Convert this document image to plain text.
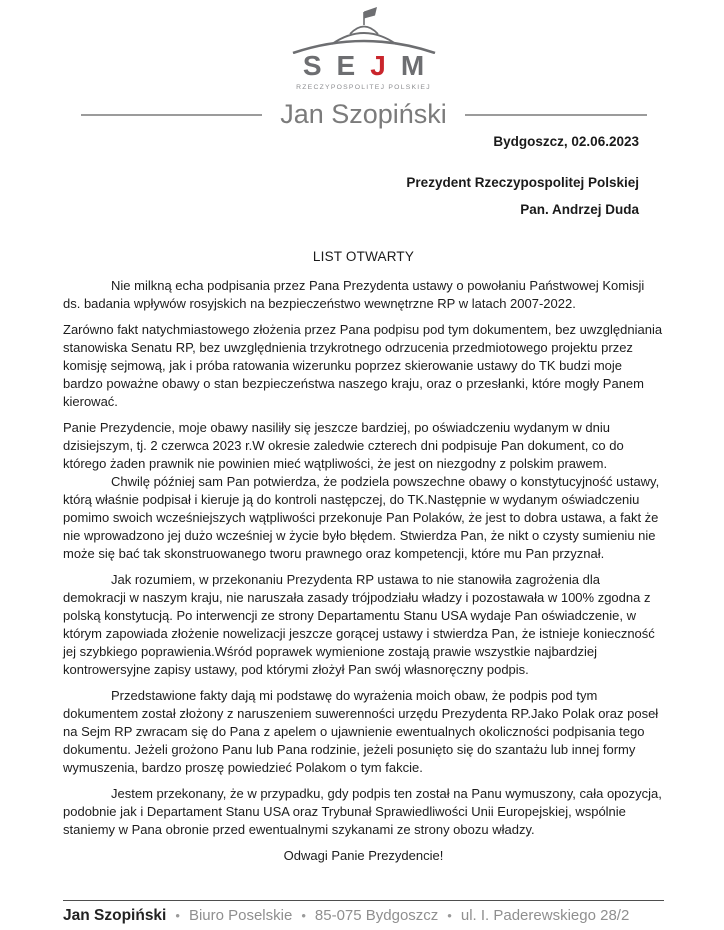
S E J M
RZECZYPOSPOLITEJ POLSKIEJ
Jan Szopiński
Bydgoszcz, 02.06.2023
Prezydent Rzeczypospolitej Polskiej
Pan. Andrzej Duda
LIST OTWARTY

Nie milkną echa podpisania przez Pana Prezydenta ustawy o powołaniu Państwowej Komisji ds. badania wpływów rosyjskich na bezpieczeństwo wewnętrzne RP w latach 2007-2022.

Zarówno fakt natychmiastowego złożenia przez Pana podpisu pod tym dokumentem, bez uwzględniania stanowiska Senatu RP, bez uwzględnienia trzykrotnego odrzucenia przedmiotowego projektu przez komisję sejmową, jak i próba ratowania wizerunku poprzez skierowanie ustawy do TK budzi moje bardzo poważne obawy o stan bezpieczeństwa naszego kraju, oraz o przesłanki, które mogły Panem kierować.

Panie Prezydencie, moje obawy nasiliły się jeszcze bardziej, po oświadczeniu wydanym w dniu dzisiejszym, tj. 2 czerwca 2023 r.W okresie zaledwie czterech dni podpisuje Pan dokument, co do którego żaden prawnik nie powinien mieć wątpliwości, że jest on niezgodny z polskim prawem.

Chwilę później sam Pan potwierdza, że podziela powszechne obawy o konstytucyjność ustawy, którą właśnie podpisał i kieruje ją do kontroli następczej, do TK.Następnie w wydanym oświadczeniu pomimo swoich wcześniejszych wątpliwości przekonuje Pan Polaków, że jest to dobra ustawa, a fakt że nie wprowadzono jej dużo wcześniej w życie było błędem. Stwierdza Pan, że nikt o czysty sumieniu nie może się bać tak skonstruowanego tworu prawnego oraz kompetencji, które mu Pan przyznał.

Jak rozumiem, w przekonaniu Prezydenta RP ustawa to nie stanowiła zagrożenia dla demokracji w naszym kraju, nie naruszała zasady trójpodziału władzy i pozostawała w 100% zgodna z polską konstytucją. Po interwencji ze strony Departamentu Stanu USA wydaje Pan oświadczenie, w którym zapowiada złożenie nowelizacji jeszcze gorącej ustawy i stwierdza Pan, że istnieje konieczność jej szybkiego poprawienia.Wśród poprawek wymienione zostają prawie wszystkie najbardziej kontrowersyjne zapisy ustawy, pod którymi złożył Pan swój własnoręczny podpis.

Przedstawione fakty dają mi podstawę do wyrażenia moich obaw, że podpis pod tym dokumentem został złożony z naruszeniem suwerenności urzędu Prezydenta RP.Jako Polak oraz poseł na Sejm RP zwracam się do Pana z apelem o ujawnienie ewentualnych okoliczności podpisania tego dokumentu. Jeżeli grożono Panu lub Pana rodzinie, jeżeli posunięto się do szantażu lub innej formy wymuszenia, bardzo proszę powiedzieć Polakom o tym fakcie.

Jestem przekonany, że w przypadku, gdy podpis ten został na Panu wymuszony, cała opozycja, podobnie jak i Departament Stanu USA oraz Trybunał Sprawiedliwości Unii Europejskiej, wspólnie staniemy w Pana obronie przed ewentualnymi szykanami ze strony obozu władzy.

Odwagi Panie Prezydencie!
Jan Szopiński • Biuro Poselskie • 85-075 Bydgoszcz • ul. I. Paderewskiego 28/2
